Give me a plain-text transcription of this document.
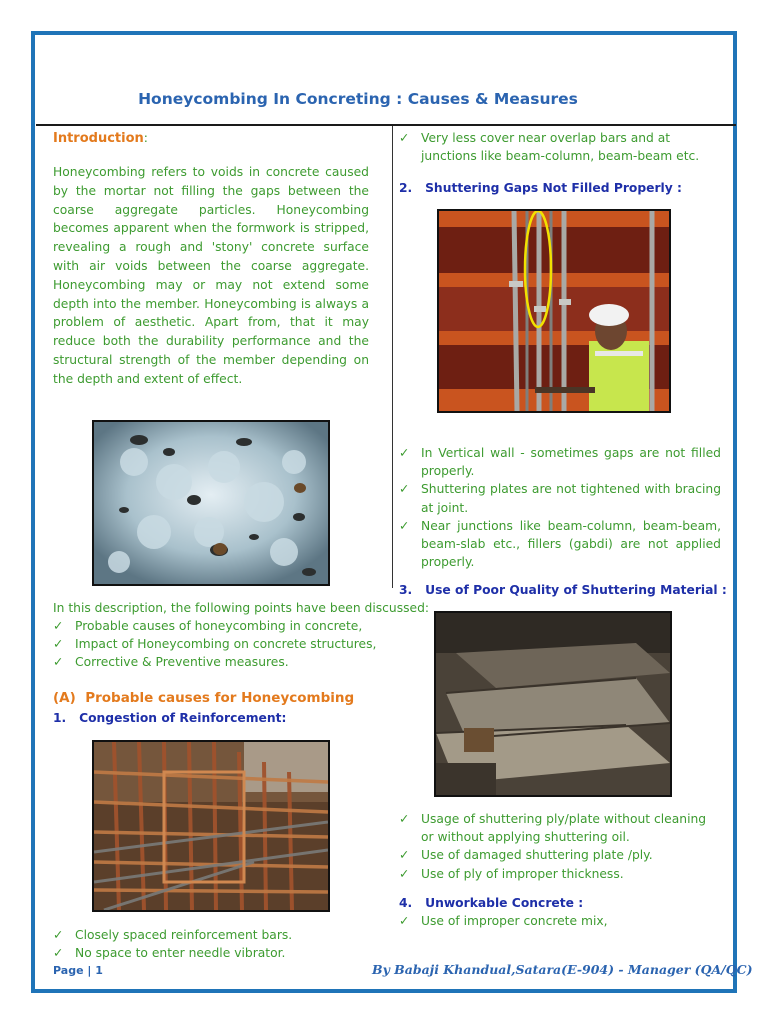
Honeycombing In Concreting : Causes & Measures
Introduction:
Honeycombing refers to voids in concrete caused by the mortar not filling the gaps between the coarse aggregate particles. Honeycombing becomes apparent when the formwork is stripped, revealing a rough and 'stony' concrete surface with air voids between the coarse aggregate. Honeycombing may or may not extend some depth into the member. Honeycombing is always a problem of aesthetic. Apart from, that it may reduce both the durability performance and the structural strength of the member depending on the depth and extent of effect.
In this description, the following points have been discussed:
✓ Probable causes of honeycombing in concrete,
✓ Impact of Honeycombing on concrete structures,
✓ Corrective & Preventive measures.
(A) Probable causes for Honeycombing
1. Congestion of Reinforcement:
✓ Closely spaced reinforcement bars.
✓ No space to enter needle vibrator.
✓ Very less cover near overlap bars and at junctions like beam-column, beam-beam etc.
2. Shuttering Gaps Not Filled Properly :
✓ In Vertical wall - sometimes gaps are not filled properly.
✓ Shuttering plates are not tightened with bracing at joint.
✓ Near junctions like beam-column, beam-beam, beam-slab etc., fillers (gabdi) are not applied properly.
3. Use of Poor Quality of Shuttering Material :
✓ Usage of shuttering ply/plate without cleaning or without applying shuttering oil.
✓ Use of damaged shuttering plate /ply.
✓ Use of ply of improper thickness.
4. Unworkable Concrete :
✓ Use of improper concrete mix,
Page | 1	By Babaji Khandual,Satara(E-904) - Manager (QA/QC)
